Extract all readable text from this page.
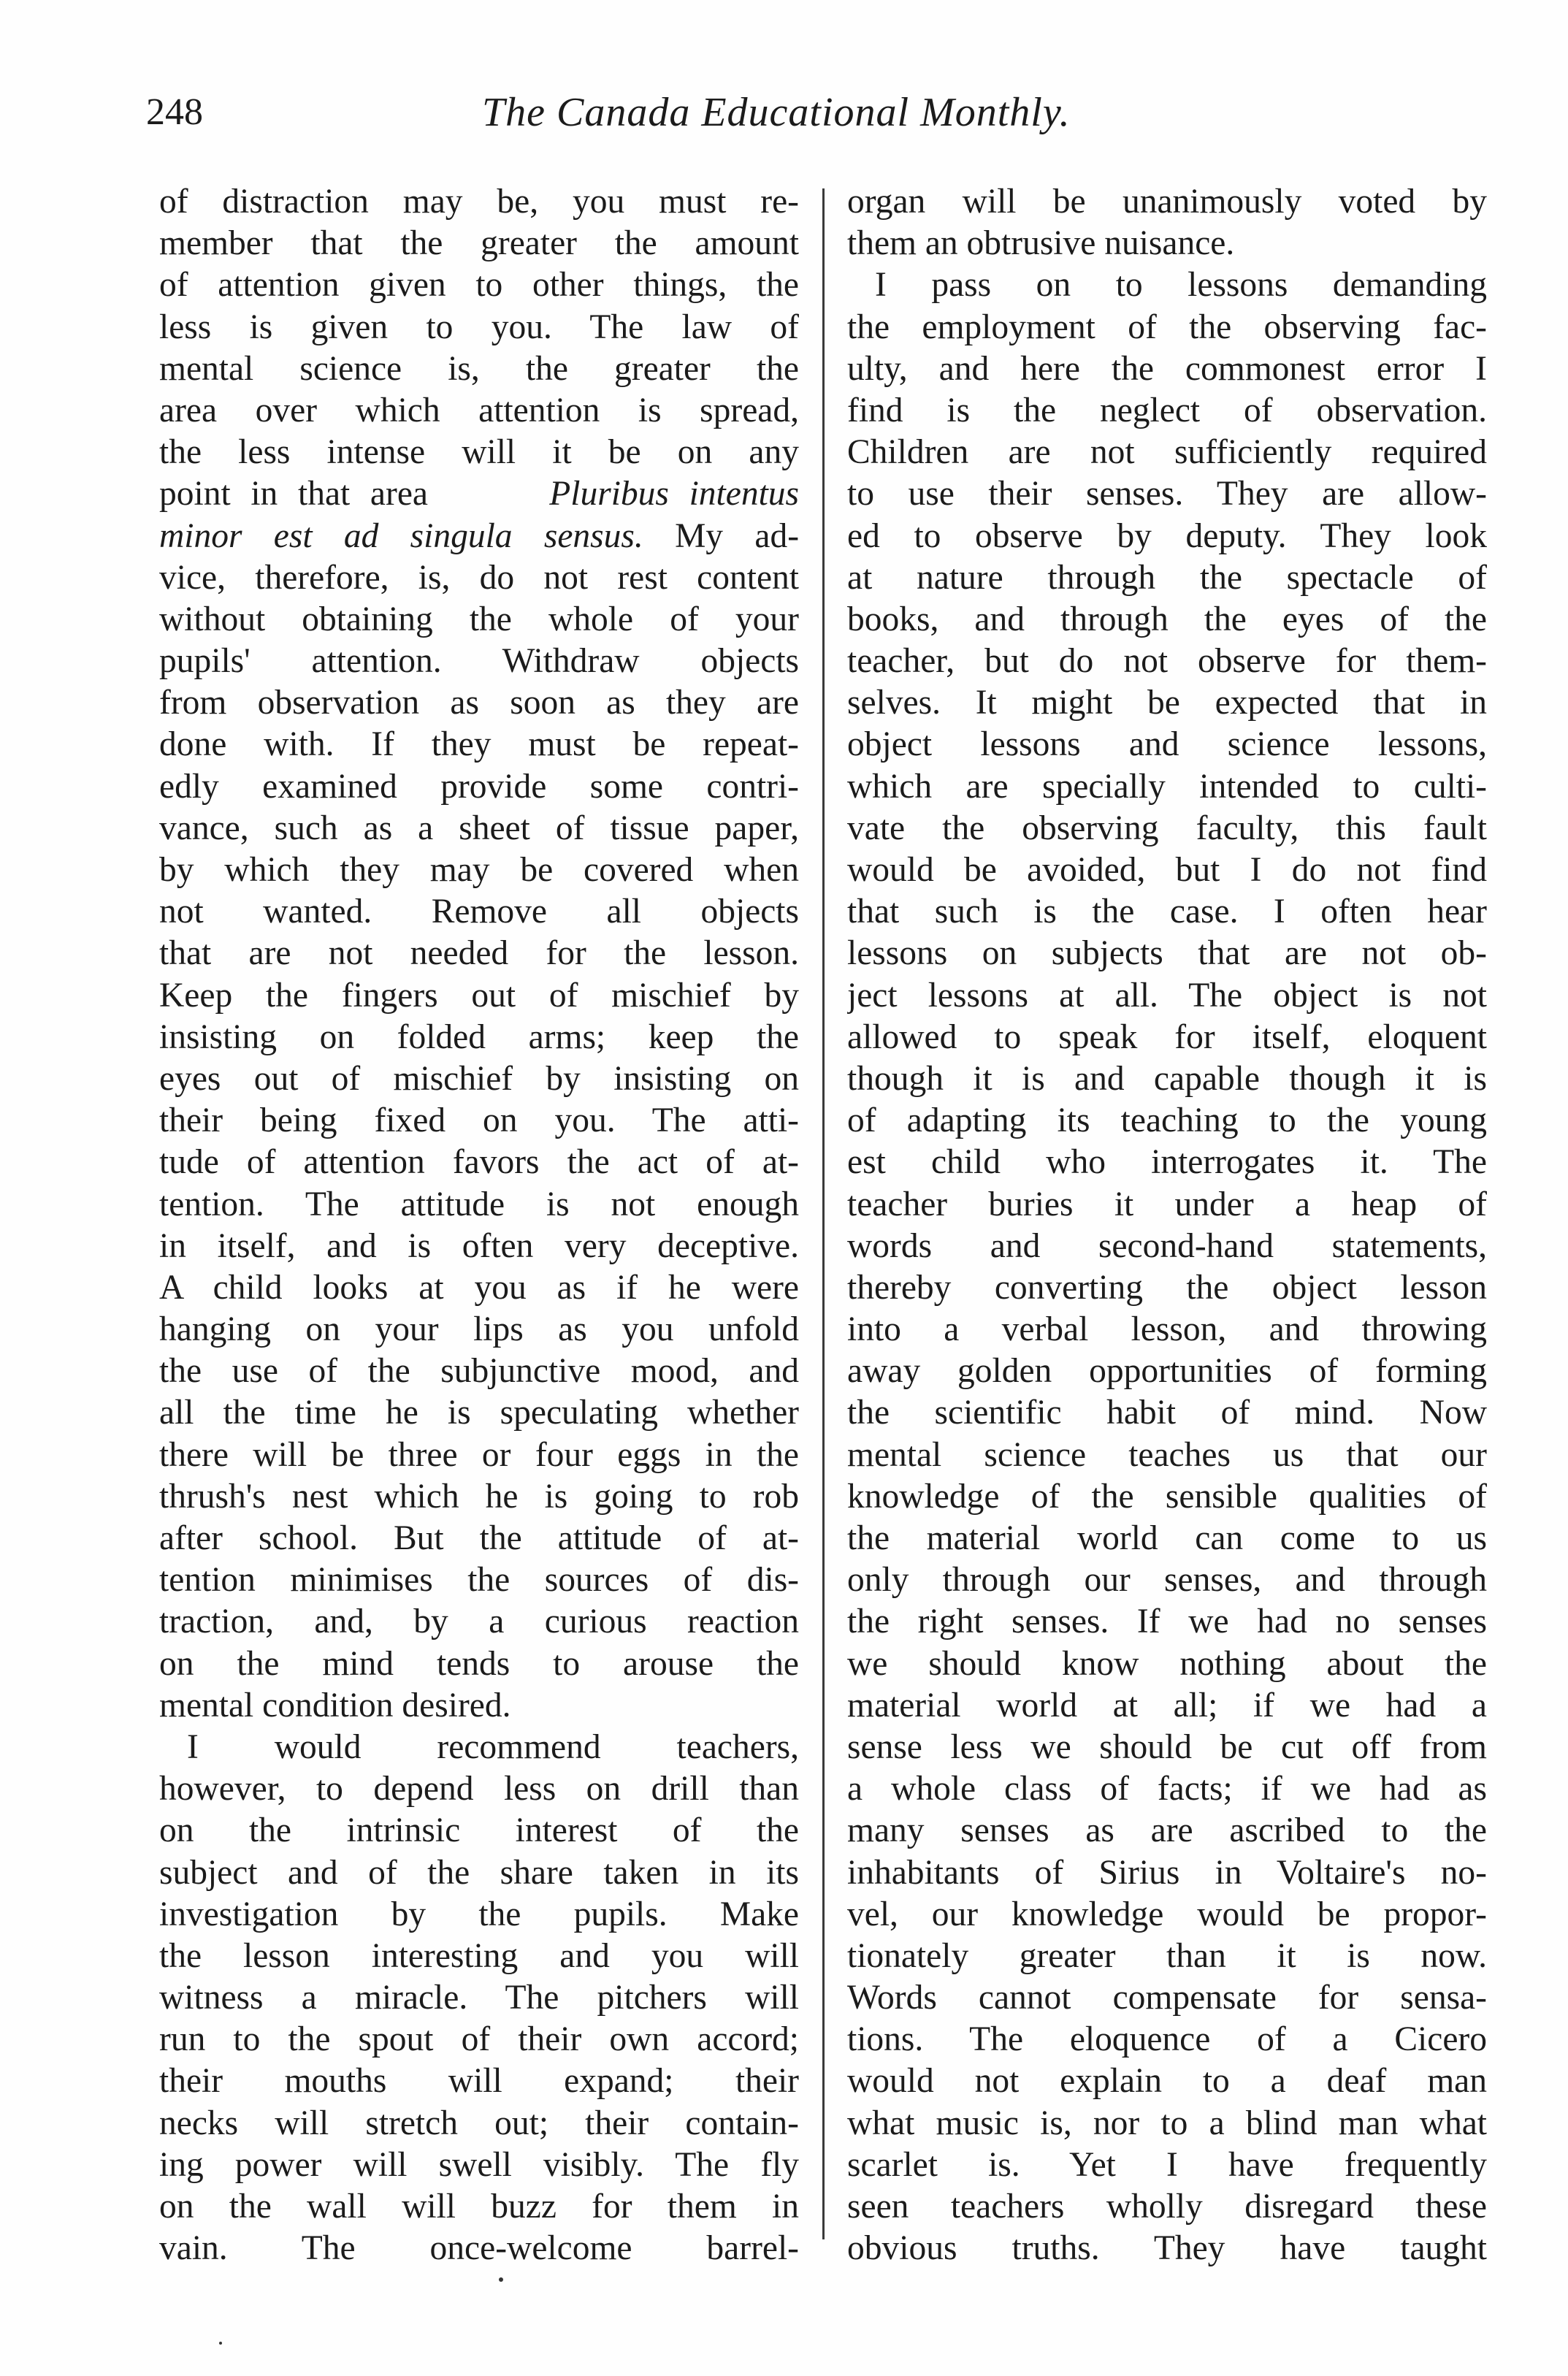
248	The Canada Educational Monthly.
of distraction may be, you must re-
member that the greater the amount
of attention given to other things, the
less is given to you. The law of
mental science is, the greater the
area over which attention is spread,
the less intense will it be on any
point in that area	Pluribus intentus
minor est ad singula sensus. My ad-
vice, therefore, is, do not rest content
without obtaining the whole of your
pupils' attention. Withdraw objects
from observation as soon as they are
done with. If they must be repeat-
edly examined provide some contri-
vance, such as a sheet of tissue paper,
by which they may be covered when
not wanted. Remove all objects
that are not needed for the lesson.
Keep the fingers out of mischief by
insisting on folded arms; keep the
eyes out of mischief by insisting on
their being fixed on you. The atti-
tude of attention favors the act of at-
tention. The attitude is not enough
in itself, and is often very deceptive.
A child looks at you as if he were
hanging on your lips as you unfold
the use of the subjunctive mood, and
all the time he is speculating whether
there will be three or four eggs in the
thrush's nest which he is going to rob
after school. But the attitude of at-
tention minimises the sources of dis-
traction, and, by a curious reaction
on the mind tends to arouse the
mental condition desired.
I would recommend teachers,
however, to depend less on drill than
on the intrinsic interest of the
subject and of the share taken in its
investigation by the pupils. Make
the lesson interesting and you will
witness a miracle. The pitchers will
run to the spout of their own accord;
their mouths will expand; their
necks will stretch out; their contain-
ing power will swell visibly. The fly
on the wall will buzz for them in
vain. The once-welcome barrel-
organ will be unanimously voted by
them an obtrusive nuisance.
I pass on to lessons demanding
the employment of the observing fac-
ulty, and here the commonest error I
find is the neglect of observation.
Children are not sufficiently required
to use their senses. They are allow-
ed to observe by deputy. They look
at nature through the spectacle of
books, and through the eyes of the
teacher, but do not observe for them-
selves. It might be expected that in
object lessons and science lessons,
which are specially intended to culti-
vate the observing faculty, this fault
would be avoided, but I do not find
that such is the case. I often hear
lessons on subjects that are not ob-
ject lessons at all. The object is not
allowed to speak for itself, eloquent
though it is and capable though it is
of adapting its teaching to the young
est child who interrogates it. The
teacher buries it under a heap of
words and second-hand statements,
thereby converting the object lesson
into a verbal lesson, and throwing
away golden opportunities of forming
the scientific habit of mind. Now
mental science teaches us that our
knowledge of the sensible qualities of
the material world can come to us
only through our senses, and through
the right senses. If we had no senses
we should know nothing about the
material world at all; if we had a
sense less we should be cut off from
a whole class of facts; if we had as
many senses as are ascribed to the
inhabitants of Sirius in Voltaire's no-
vel, our knowledge would be propor-
tionately greater than it is now.
Words cannot compensate for sensa-
tions. The eloquence of a Cicero
would not explain to a deaf man
what music is, nor to a blind man what
scarlet is. Yet I have frequently
seen teachers wholly disregard these
obvious truths. They have taught
